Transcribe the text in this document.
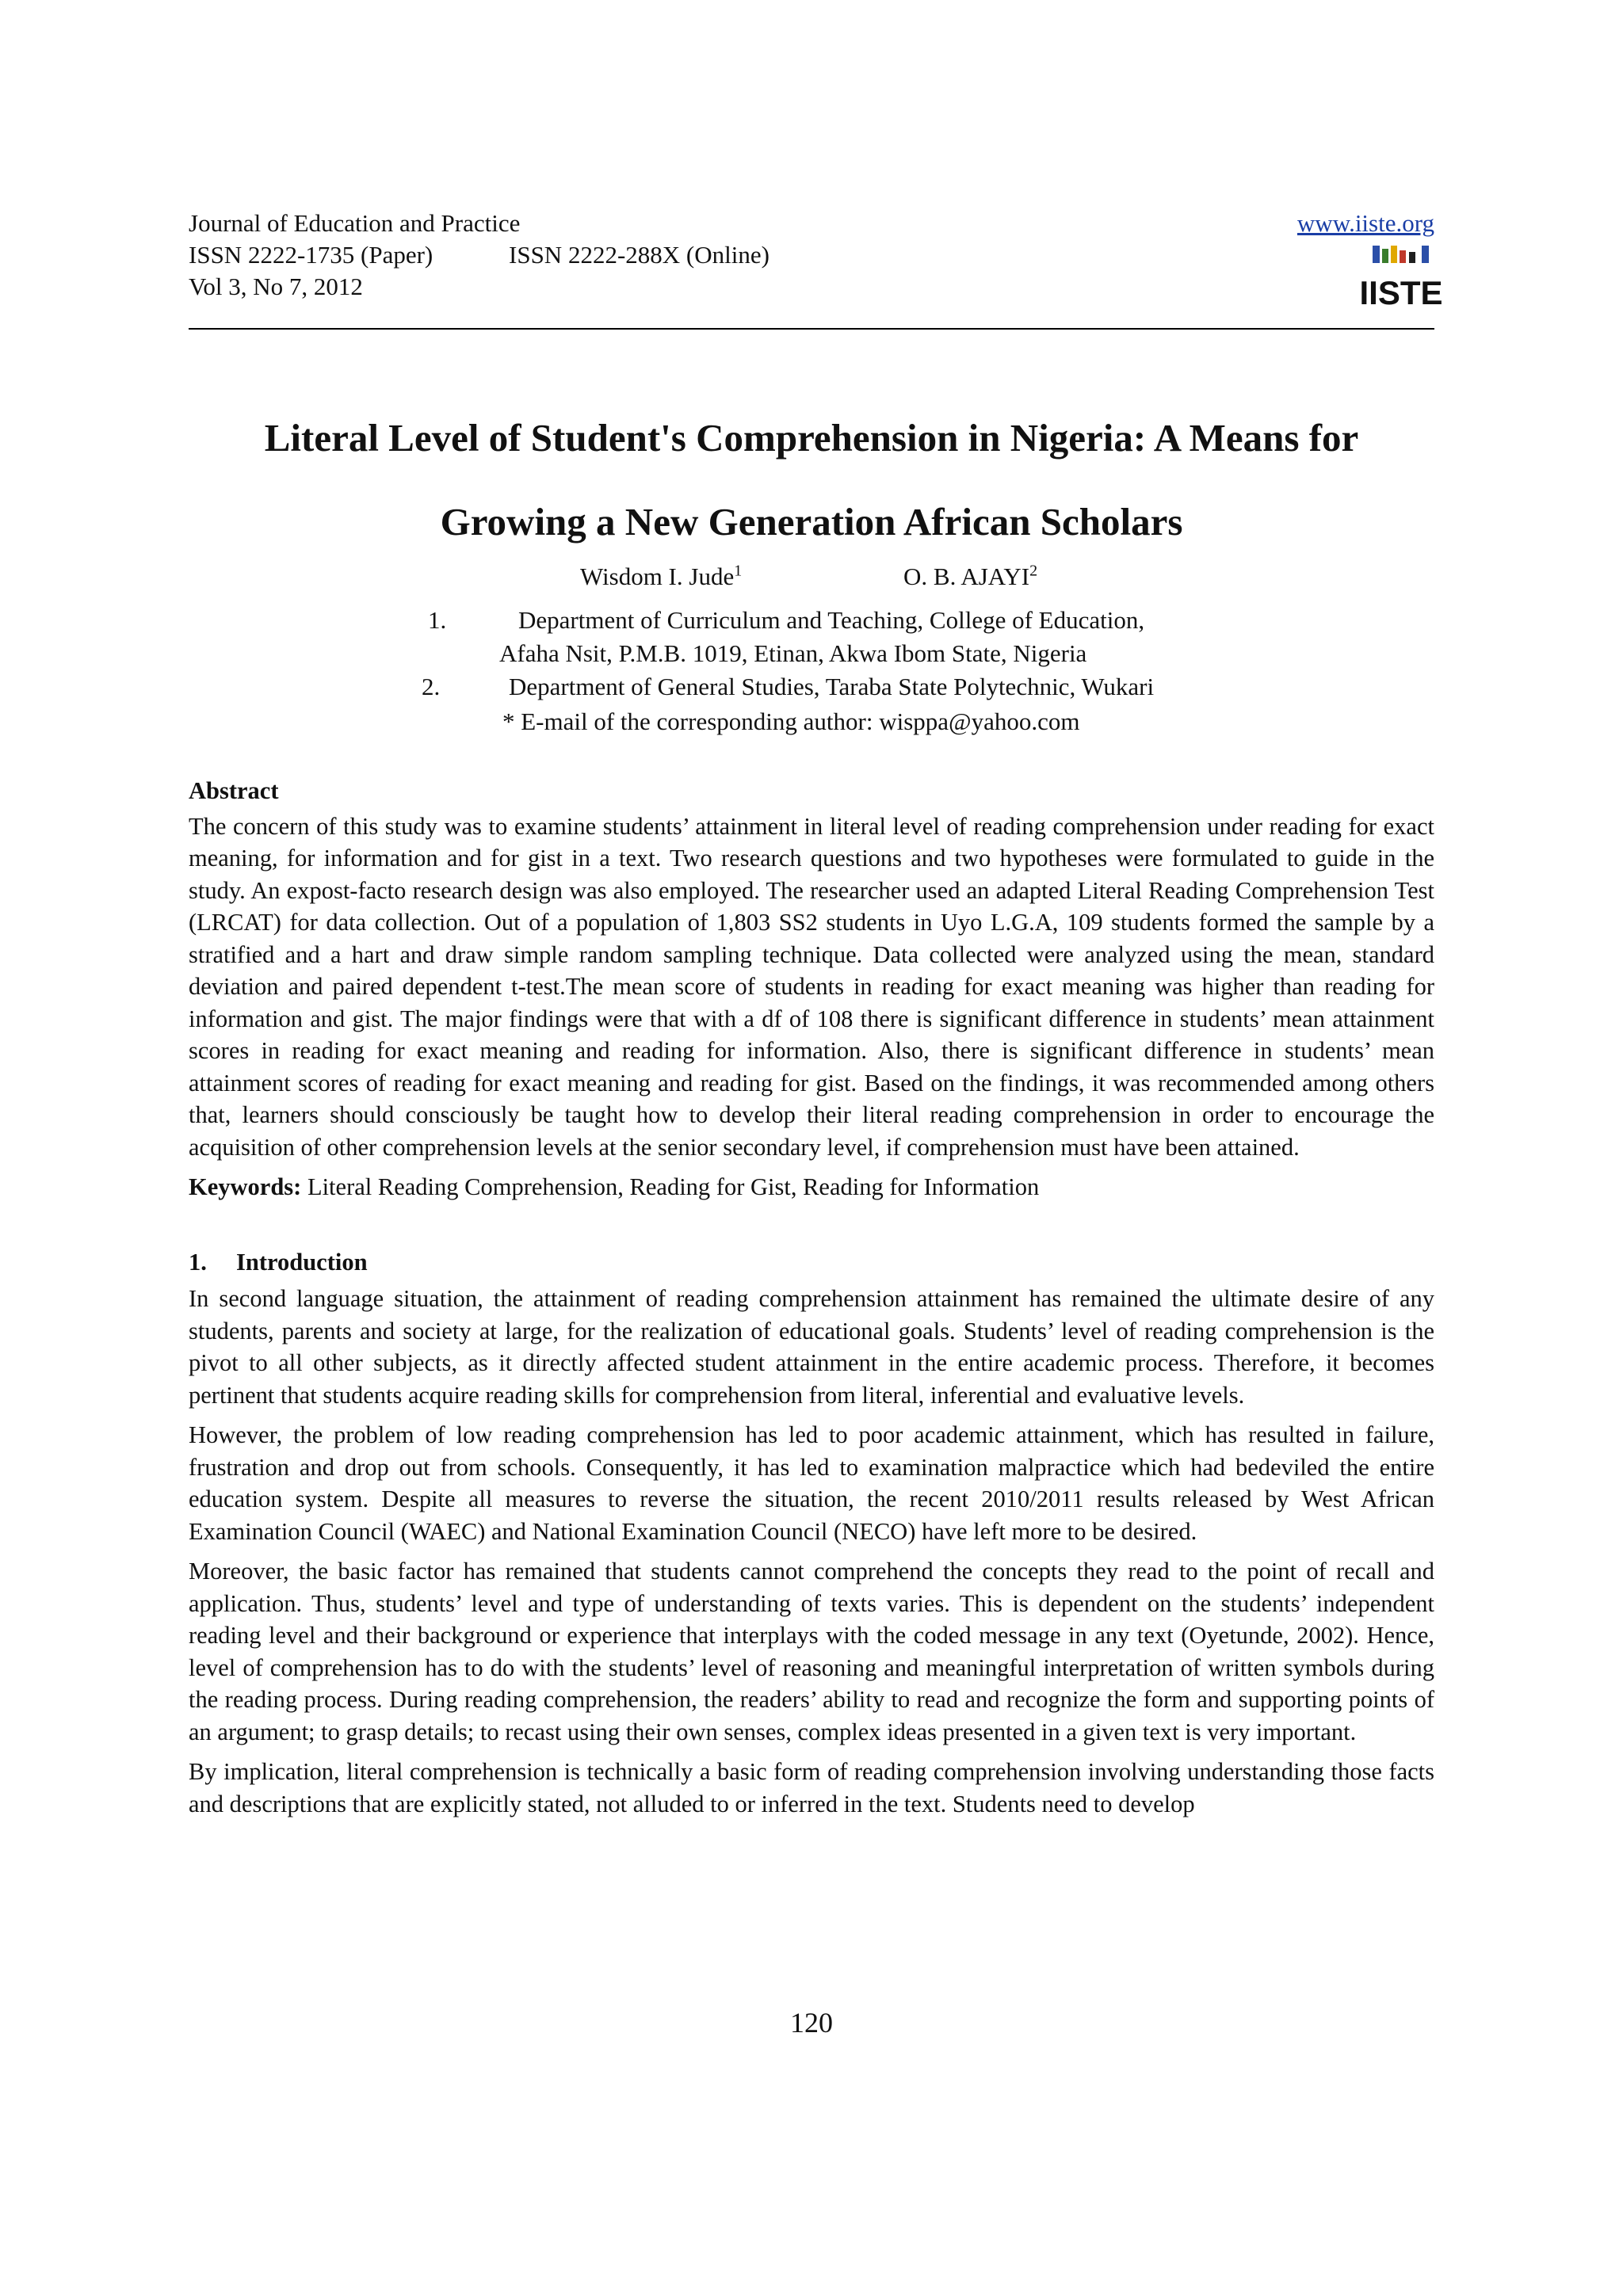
Journal of Education and Practice
ISSN 2222-1735 (Paper)	ISSN 2222-288X (Online)
Vol 3, No 7, 2012
www.iiste.org
IISTE
Literal Level of Student's Comprehension in Nigeria: A Means for
Growing a New Generation African Scholars
Wisdom I. Jude$^1$	O. B. AJAYI$^2$
1.	Department of Curriculum and Teaching, College of Education,
Afaha Nsit, P.M.B. 1019, Etinan, Akwa Ibom State, Nigeria
2.	Department of General Studies, Taraba State Polytechnic, Wukari
* E-mail of the corresponding author: wisppa@yahoo.com
Abstract

The concern of this study was to examine students’ attainment in literal level of reading comprehension under reading for exact meaning, for information and for gist in a text. Two research questions and two hypotheses were formulated to guide in the study. An expost-facto research design was also employed. The researcher used an adapted Literal Reading Comprehension Test (LRCAT) for data collection. Out of a population of 1,803 SS2 students in Uyo L.G.A, 109 students formed the sample by a stratified and a hart and draw simple random sampling technique. Data collected were analyzed using the mean, standard deviation and paired dependent t-test.The mean score of students in reading for exact meaning was higher than reading for information and gist. The major findings were that with a df of 108 there is significant difference in students’ mean attainment scores in reading for exact meaning and reading for information. Also, there is significant difference in students’ mean attainment scores of reading for exact meaning and reading for gist. Based on the findings, it was recommended among others that, learners should consciously be taught how to develop their literal reading comprehension in order to encourage the acquisition of other comprehension levels at the senior secondary level, if comprehension must have been attained.

Keywords: Literal Reading Comprehension, Reading for Gist, Reading for Information

1. Introduction

In second language situation, the attainment of reading comprehension attainment has remained the ultimate desire of any students, parents and society at large, for the realization of educational goals. Students’ level of reading comprehension is the pivot to all other subjects, as it directly affected student attainment in the entire academic process. Therefore, it becomes pertinent that students acquire reading skills for comprehension from literal, inferential and evaluative levels.

However, the problem of low reading comprehension has led to poor academic attainment, which has resulted in failure, frustration and drop out from schools. Consequently, it has led to examination malpractice which had bedeviled the entire education system. Despite all measures to reverse the situation, the recent 2010/2011 results released by West African Examination Council (WAEC) and National Examination Council (NECO) have left more to be desired.

Moreover, the basic factor has remained that students cannot comprehend the concepts they read to the point of recall and application. Thus, students’ level and type of understanding of texts varies. This is dependent on the students’ independent reading level and their background or experience that interplays with the coded message in any text (Oyetunde, 2002). Hence, level of comprehension has to do with the students’ level of reasoning and meaningful interpretation of written symbols during the reading process. During reading comprehension, the readers’ ability to read and recognize the form and supporting points of an argument; to grasp details; to recast using their own senses, complex ideas presented in a given text is very important.

By implication, literal comprehension is technically a basic form of reading comprehension involving understanding those facts and descriptions that are explicitly stated, not alluded to or inferred in the text. Students need to develop

120
